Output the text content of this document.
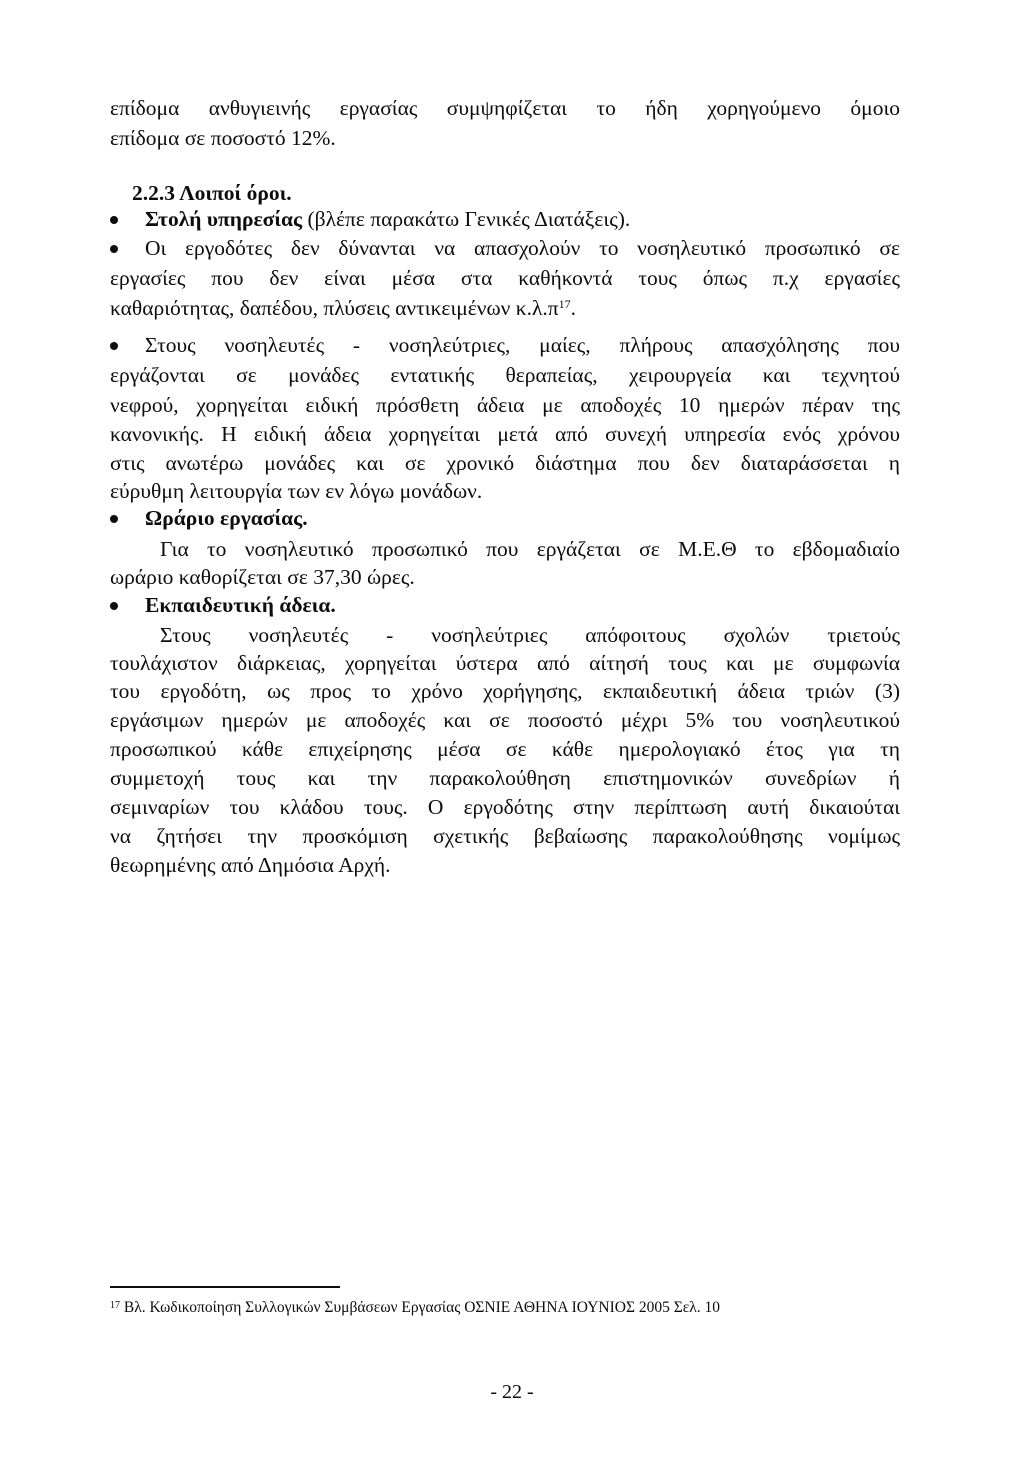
επίδομα ανθυγιεινής εργασίας συμψηφίζεται το ήδη χορηγούμενο όμοιο
επίδομα σε ποσοστό 12%.
2.2.3 Λοιποί όροι.
Στολή υπηρεσίας (βλέπε παρακάτω Γενικές Διατάξεις).
Οι εργοδότες δεν δύνανται να απασχολούν το νοσηλευτικό προσωπικό σε
εργασίες που δεν είναι μέσα στα καθήκοντά τους όπως π.χ εργασίες
καθαριότητας, δαπέδου, πλύσεις αντικειμένων $\kappa.\lambda.\pi^{17}$.
Στους νοσηλευτές - νοσηλεύτριες, μαίες, πλήρους απασχόλησης που
εργάζονται σε μονάδες εντατικής θεραπείας, χειρουργεία και τεχνητού
νεφρού, χορηγείται ειδική πρόσθετη άδεια με αποδοχές 10 ημερών πέραν της
κανονικής. Η ειδική άδεια χορηγείται μετά από συνεχή υπηρεσία ενός χρόνου
στις ανωτέρω μονάδες και σε χρονικό διάστημα που δεν διαταράσσεται η
εύρυθμη λειτουργία των εν λόγω μονάδων.
Ωράριο εργασίας.
Για το νοσηλευτικό προσωπικό που εργάζεται σε Μ.Ε.Θ το εβδομαδιαίο
ωράριο καθορίζεται σε 37,30 ώρες.
Εκπαιδευτική άδεια.
Στους νοσηλευτές - νοσηλεύτριες απόφοιτους σχολών τριετούς
τουλάχιστον διάρκειας, χορηγείται ύστερα από αίτησή τους και με συμφωνία
του εργοδότη, ως προς το χρόνο χορήγησης, εκπαιδευτική άδεια τριών (3)
εργάσιμων ημερών με αποδοχές και σε ποσοστό μέχρι 5% του νοσηλευτικού
προσωπικού κάθε επιχείρησης μέσα σε κάθε ημερολογιακό έτος για τη
συμμετοχή τους και την παρακολούθηση επιστημονικών συνεδρίων ή
σεμιναρίων του κλάδου τους. Ο εργοδότης στην περίπτωση αυτή δικαιούται
να ζητήσει την προσκόμιση σχετικής βεβαίωσης παρακολούθησης νομίμως
θεωρημένης από Δημόσια Αρχή.
$^{17}$ Βλ. Κωδικοποίηση Συλλογικών Συμβάσεων Εργασίας ΟΣΝΙΕ ΑΘΗΝΑ ΙΟΥΝΙΟΣ 2005 Σελ. 10
- 22 -
